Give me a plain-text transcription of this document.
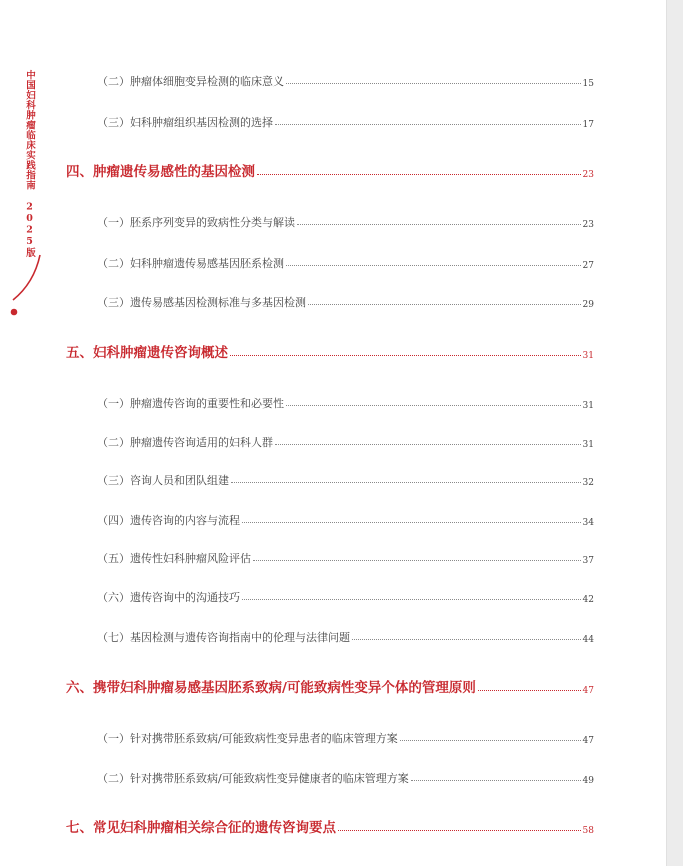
中国妇科肿瘤临床实践指南 2025版	（二）肿瘤体细胞变异检测的临床意义	15
（三）妇科肿瘤组织基因检测的选择	17
四、肿瘤遗传易感性的基因检测	23
（一）胚系序列变异的致病性分类与解读	23
（二）妇科肿瘤遗传易感基因胚系检测	27
（三）遗传易感基因检测标准与多基因检测	29
五、妇科肿瘤遗传咨询概述	31
（一）肿瘤遗传咨询的重要性和必要性	31
（二）肿瘤遗传咨询适用的妇科人群	31
（三）咨询人员和团队组建	32
（四）遗传咨询的内容与流程	34
（五）遗传性妇科肿瘤风险评估	37
（六）遗传咨询中的沟通技巧	42
（七）基因检测与遗传咨询指南中的伦理与法律问题	44
六、携带妇科肿瘤易感基因胚系致病/可能致病性变异个体的管理原则	47
（一）针对携带胚系致病/可能致病性变异患者的临床管理方案	47
（二）针对携带胚系致病/可能致病性变异健康者的临床管理方案	49
七、常见妇科肿瘤相关综合征的遗传咨询要点	58
